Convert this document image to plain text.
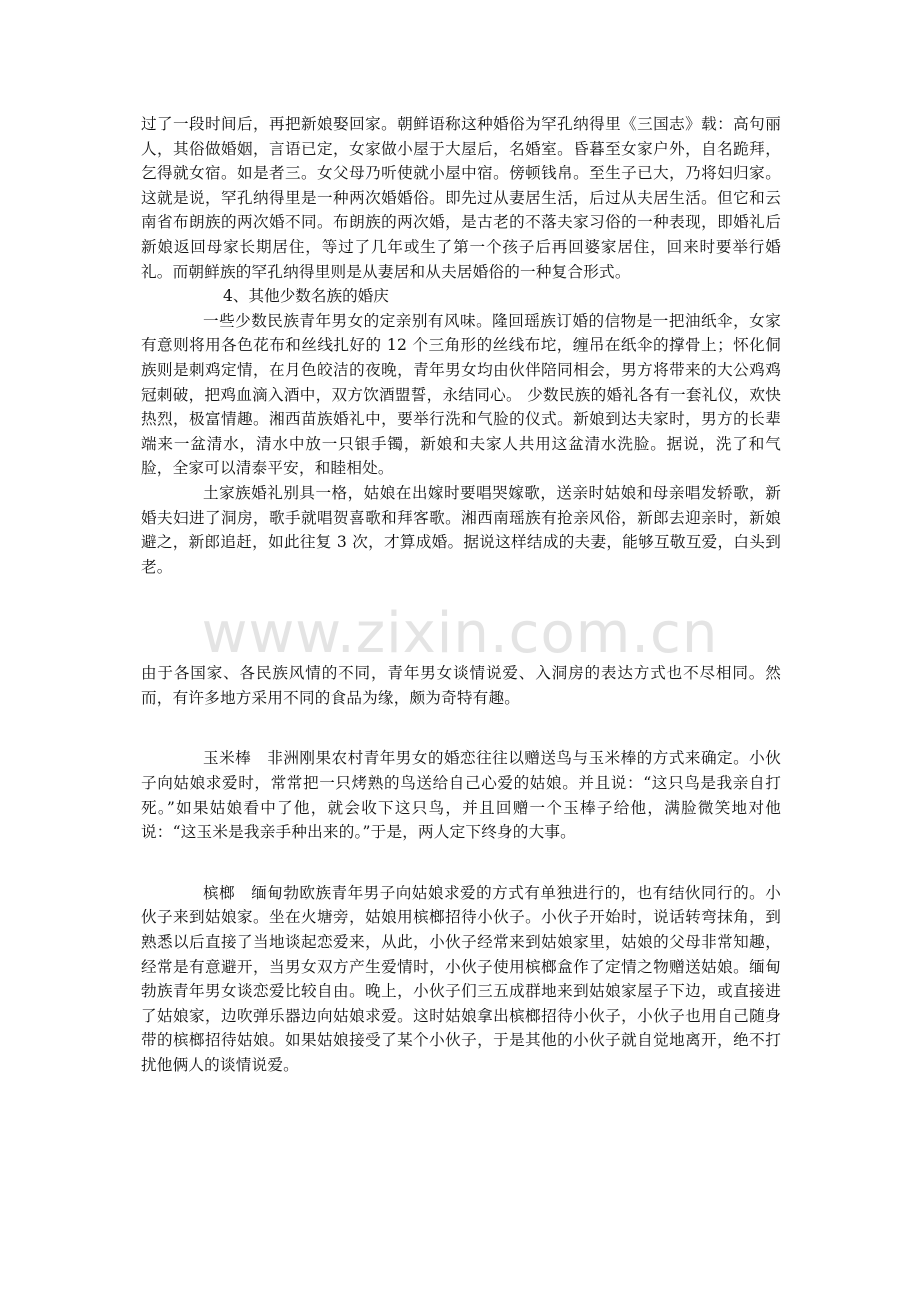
www.zixin.com.cn

过了一段时间后，再把新娘娶回家。朝鲜语称这种婚俗为罕孔纳得里《三国志》载：高句丽人，其俗做婚姻，言语已定，女家做小屋于大屋后，名婚室。昏暮至女家户外，自名跪拜，乞得就女宿。如是者三。女父母乃听使就小屋中宿。傍顿钱帛。至生子已大，乃将妇归家。这就是说，罕孔纳得里是一种两次婚婚俗。即先过从妻居生活，后过从夫居生活。但它和云南省布朗族的两次婚不同。布朗族的两次婚，是古老的不落夫家习俗的一种表现，即婚礼后新娘返回母家长期居住，等过了几年或生了第一个孩子后再回婆家居住，回来时要举行婚礼。而朝鲜族的罕孔纳得里则是从妻居和从夫居婚俗的一种复合形式。

4、其他少数名族的婚庆

一些少数民族青年男女的定亲别有风味。隆回瑶族订婚的信物是一把油纸伞，女家有意则将用各色花布和丝线扎好的 12 个三角形的丝线布坨，缠吊在纸伞的撑骨上；怀化侗族则是刺鸡定情，在月色皎洁的夜晚，青年男女均由伙伴陪同相会，男方将带来的大公鸡鸡冠刺破，把鸡血滴入酒中，双方饮酒盟誓，永结同心。 少数民族的婚礼各有一套礼仪，欢快热烈，极富情趣。湘西苗族婚礼中，要举行洗和气脸的仪式。新娘到达夫家时，男方的长辈端来一盆清水，清水中放一只银手镯，新娘和夫家人共用这盆清水洗脸。据说，洗了和气脸，全家可以清泰平安，和睦相处。

土家族婚礼别具一格，姑娘在出嫁时要唱哭嫁歌，送亲时姑娘和母亲唱发轿歌，新婚夫妇进了洞房，歌手就唱贺喜歌和拜客歌。湘西南瑶族有抢亲风俗，新郎去迎亲时，新娘避之，新郎追赶，如此往复 3 次，才算成婚。据说这样结成的夫妻，能够互敬互爱，白头到老。

由于各国家、各民族风情的不同，青年男女谈情说爱、入洞房的表达方式也不尽相同。然而，有许多地方采用不同的食品为缘，颇为奇特有趣。

玉米棒　非洲刚果农村青年男女的婚恋往往以赠送鸟与玉米棒的方式来确定。小伙子向姑娘求爱时，常常把一只烤熟的鸟送给自己心爱的姑娘。并且说：“这只鸟是我亲自打死。”如果姑娘看中了他，就会收下这只鸟，并且回赠一个玉棒子给他，满脸微笑地对他说：“这玉米是我亲手种出来的。”于是，两人定下终身的大事。

槟榔　缅甸勃欧族青年男子向姑娘求爱的方式有单独进行的，也有结伙同行的。小伙子来到姑娘家。坐在火塘旁，姑娘用槟榔招待小伙子。小伙子开始时，说话转弯抹角，到熟悉以后直接了当地谈起恋爱来，从此，小伙子经常来到姑娘家里，姑娘的父母非常知趣，经常是有意避开，当男女双方产生爱情时，小伙子使用槟榔盒作了定情之物赠送姑娘。缅甸勃族青年男女谈恋爱比较自由。晚上，小伙子们三五成群地来到姑娘家屋子下边，或直接进了姑娘家，边吹弹乐器边向姑娘求爱。这时姑娘拿出槟榔招待小伙子，小伙子也用自己随身带的槟榔招待姑娘。如果姑娘接受了某个小伙子，于是其他的小伙子就自觉地离开，绝不打扰他俩人的谈情说爱。
